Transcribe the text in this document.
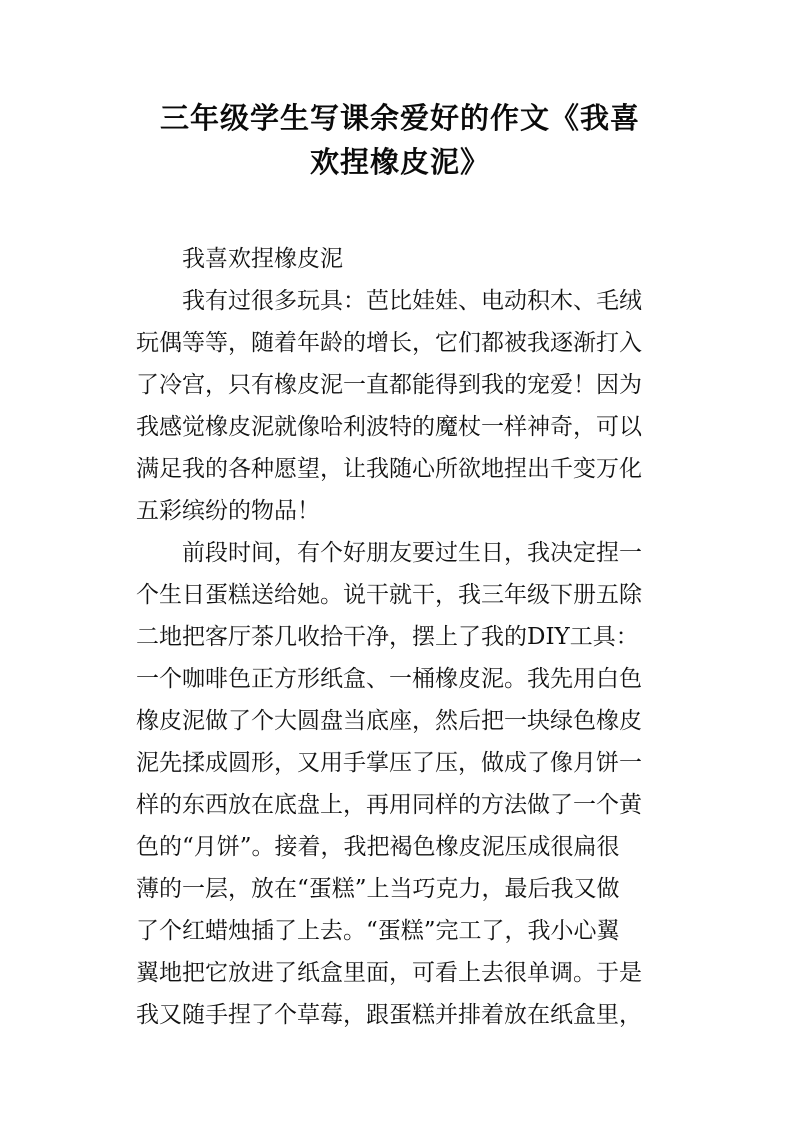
三年级学生写课余爱好的作文《我喜
欢捏橡皮泥》
我喜欢捏橡皮泥
我有过很多玩具：芭比娃娃、电动积木、毛绒
玩偶等等，随着年龄的增长，它们都被我逐渐打入
了冷宫，只有橡皮泥一直都能得到我的宠爱！因为
我感觉橡皮泥就像哈利波特的魔杖一样神奇，可以
满足我的各种愿望，让我随心所欲地捏出千变万化
五彩缤纷的物品！
前段时间，有个好朋友要过生日，我决定捏一
个生日蛋糕送给她。说干就干，我三年级下册五除
二地把客厅茶几收拾干净，摆上了我的DIY工具：
一个咖啡色正方形纸盒、一桶橡皮泥。我先用白色
橡皮泥做了个大圆盘当底座，然后把一块绿色橡皮
泥先揉成圆形，又用手掌压了压，做成了像月饼一
样的东西放在底盘上，再用同样的方法做了一个黄
色的“月饼”。接着，我把褐色橡皮泥压成很扁很
薄的一层，放在“蛋糕”上当巧克力，最后我又做
了个红蜡烛插了上去。“蛋糕”完工了，我小心翼
翼地把它放进了纸盒里面，可看上去很单调。于是
我又随手捏了个草莓，跟蛋糕并排着放在纸盒里，
